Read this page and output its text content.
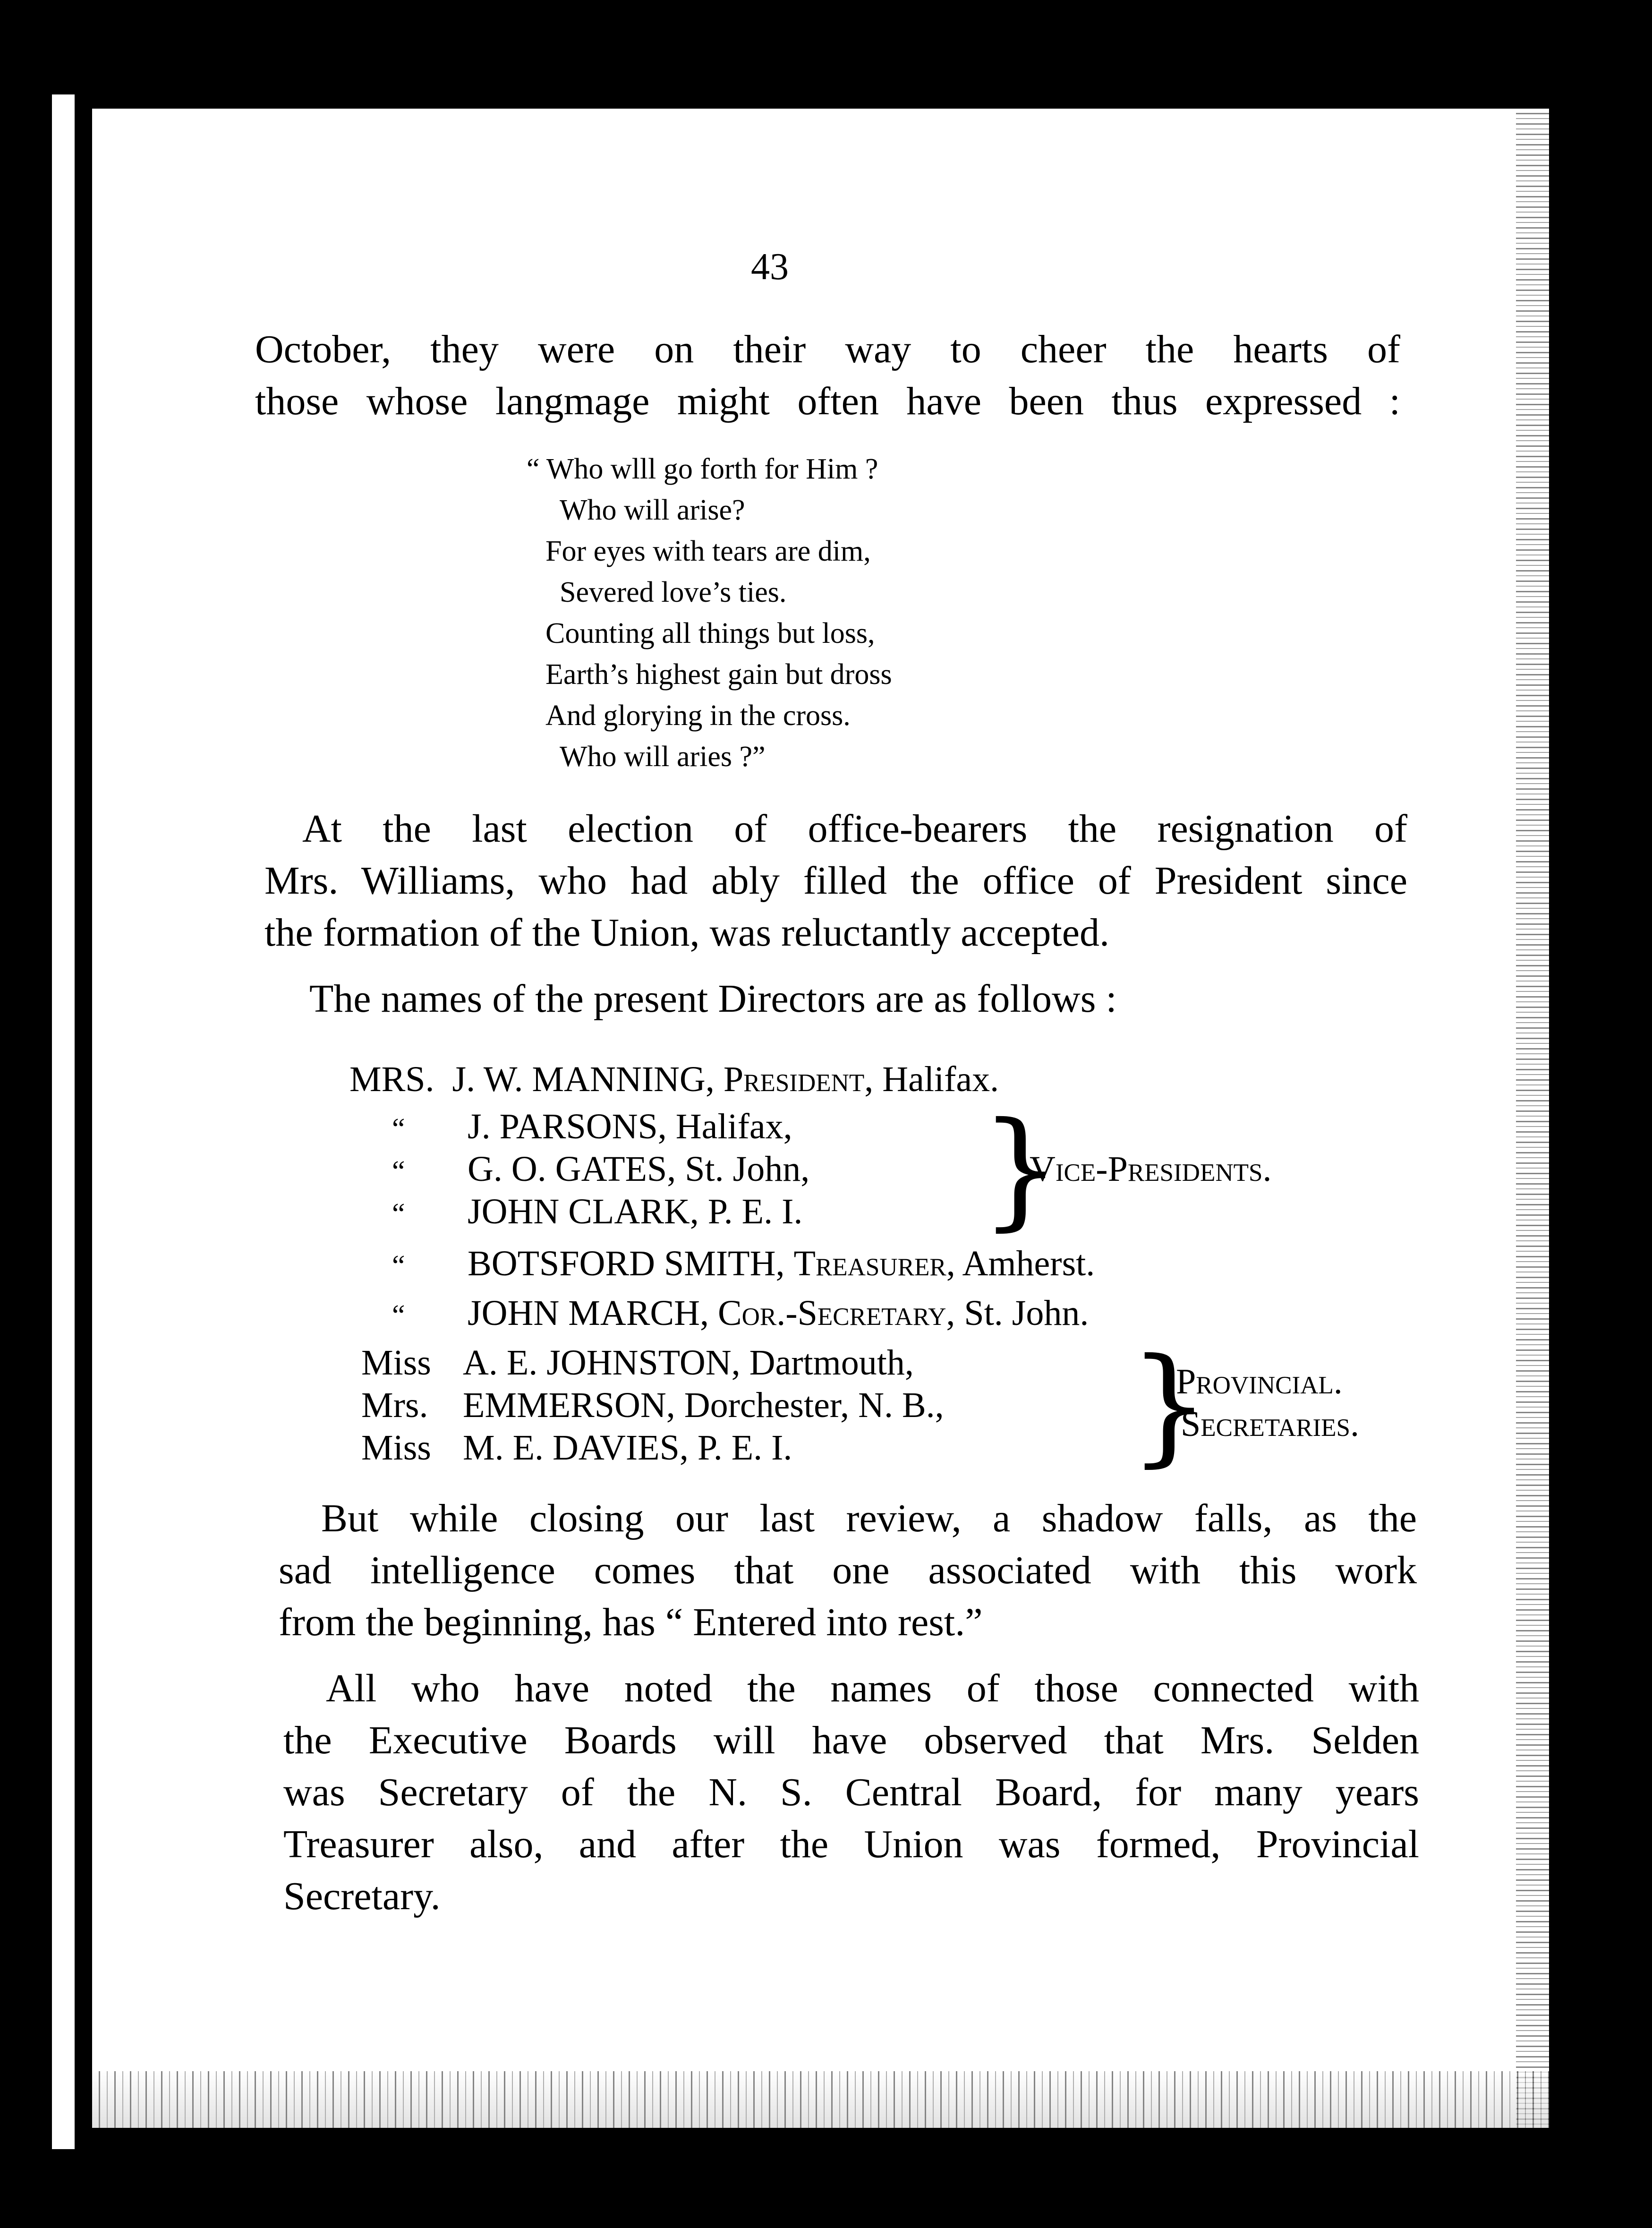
43
October, they were on their way to cheer the hearts of
those whose langmage might often have been thus expressed :
“ Who wlll go forth for Him ?
Who will arise?
For eyes with tears are dim,
Severed love’s ties.
Counting all things but loss,
Earth’s highest gain but dross
And glorying in the cross.
Who will aries ?”
At the last election of office-bearers the resignation of
Mrs. Williams, who had ably filled the office of President since
the formation of the Union, was reluctantly accepted.
The names of the present Directors are as follows :
MRS. J. W. MANNING, President, Halifax.
“ J. PARSONS, Halifax,
“ G. O. GATES, St. John,
“ JOHN CLARK, P. E. I. }
Vice-Presidents.
“ BOTSFORD SMITH, Treasurer, Amherst.
“ JOHN MARCH, Cor.-Secretary, St. John.
Miss A. E. JOHNSTON, Dartmouth,
Mrs. EMMERSON, Dorchester, N. B.,
Miss M. E. DAVIES, P. E. I.	}
Provincial.
Secretaries.
But while closing our last review, a shadow falls, as the
sad intelligence comes that one associated with this work
from the beginning, has “ Entered into rest.”
All who have noted the names of those connected with
the Executive Boards will have observed that Mrs. Selden
was Secretary of the N. S. Central Board, for many years
Treasurer also, and after the Union was formed, Provincial
Secretary.
